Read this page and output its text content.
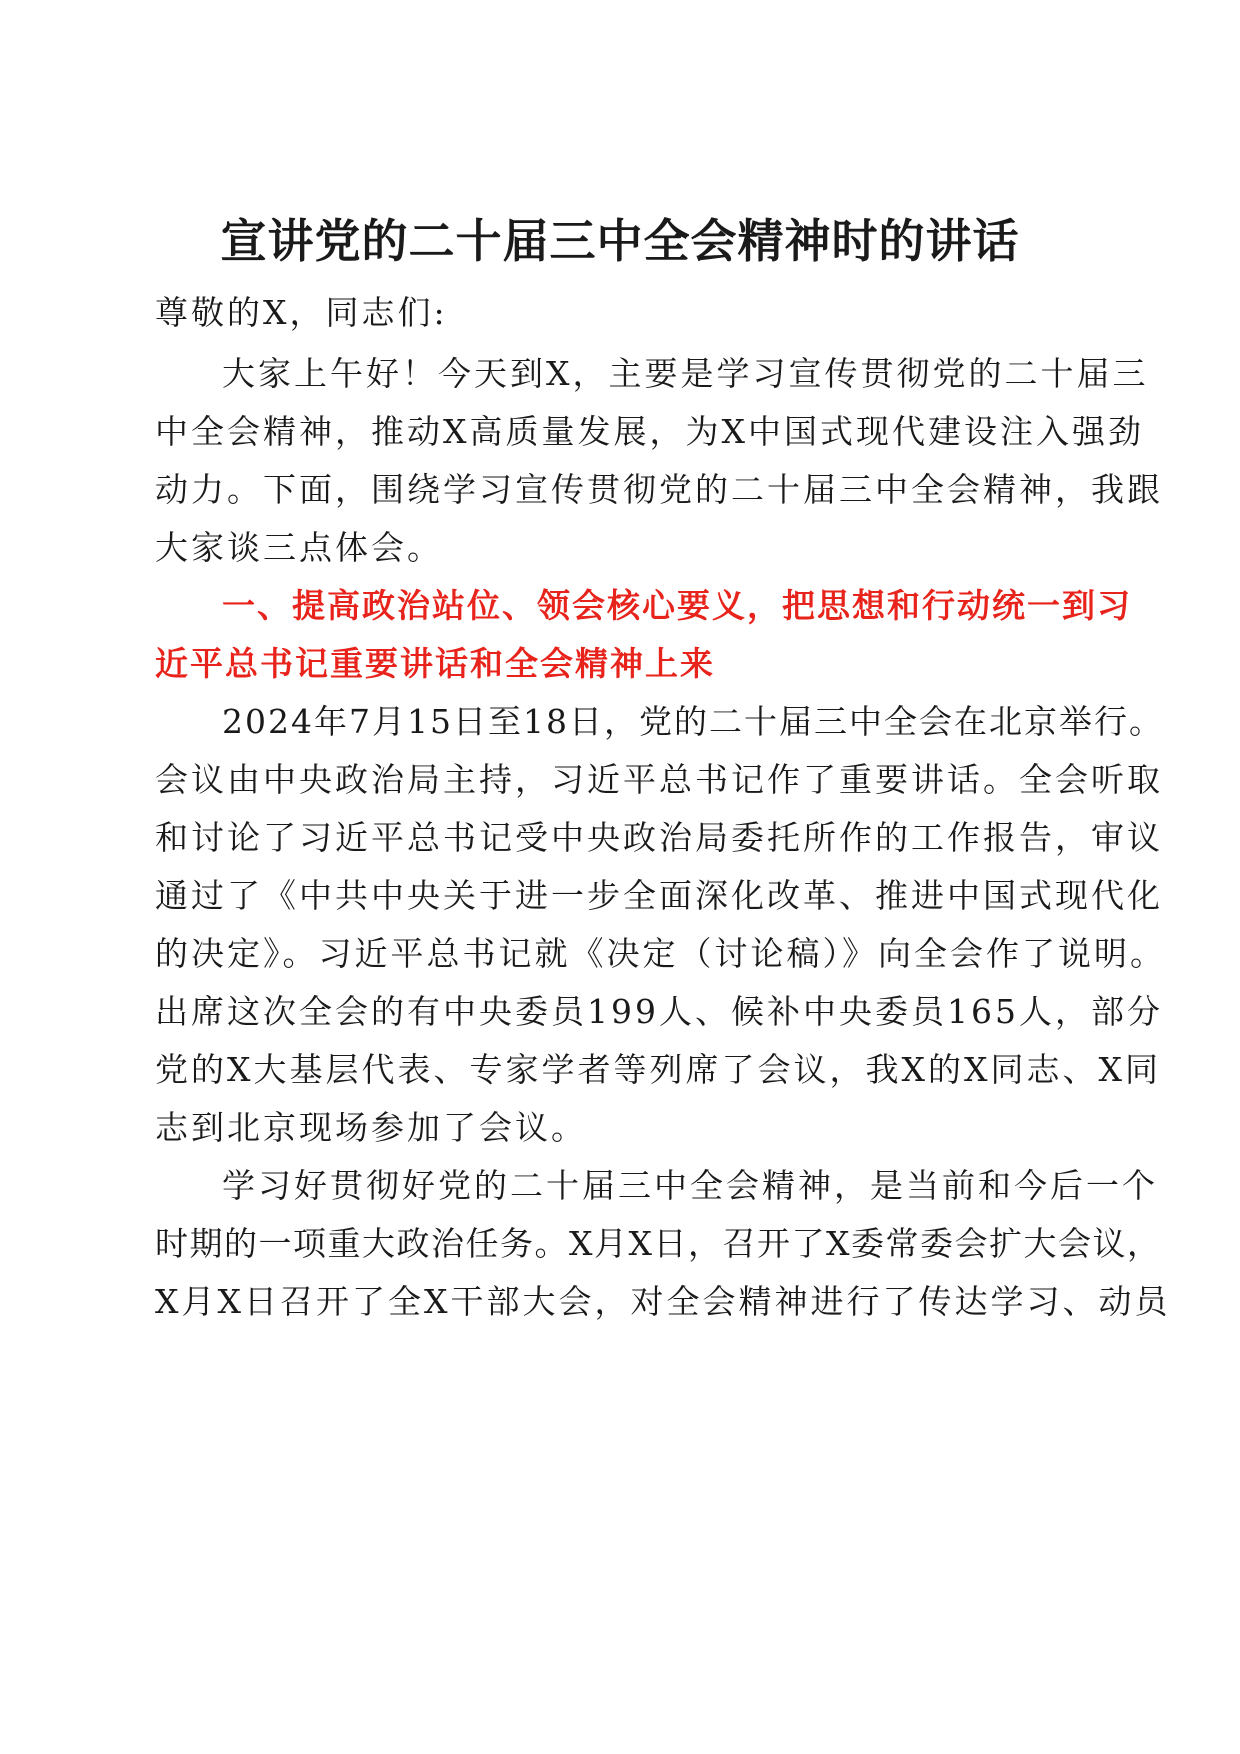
宣讲党的二十届三中全会精神时的讲话

尊敬的X，同志们:

大家上午好！今天到X，主要是学习宣传贯彻党的二十届三

中全会精神，推动X高质量发展，为X中国式现代建设注入强劲

动力。下面，围绕学习宣传贯彻党的二十届三中全会精神，我跟

大家谈三点体会。

一、提高政治站位、领会核心要义，把思想和行动统一到习

近平总书记重要讲话和全会精神上来

2024年7月15日至18日，党的二十届三中全会在北京举行。

会议由中央政治局主持，习近平总书记作了重要讲话。全会听取

和讨论了习近平总书记受中央政治局委托所作的工作报告，审议

通过了《中共中央关于进一步全面深化改革、推进中国式现代化

的决定》。习近平总书记就《决定（讨论稿）》向全会作了说明。

出席这次全会的有中央委员199人、候补中央委员165人，部分

党的X大基层代表、专家学者等列席了会议，我X的X同志、X同

志到北京现场参加了会议。

学习好贯彻好党的二十届三中全会精神，是当前和今后一个

时期的一项重大政治任务。X月X日，召开了X委常委会扩大会议，

X月X日召开了全X干部大会，对全会精神进行了传达学习、动员
